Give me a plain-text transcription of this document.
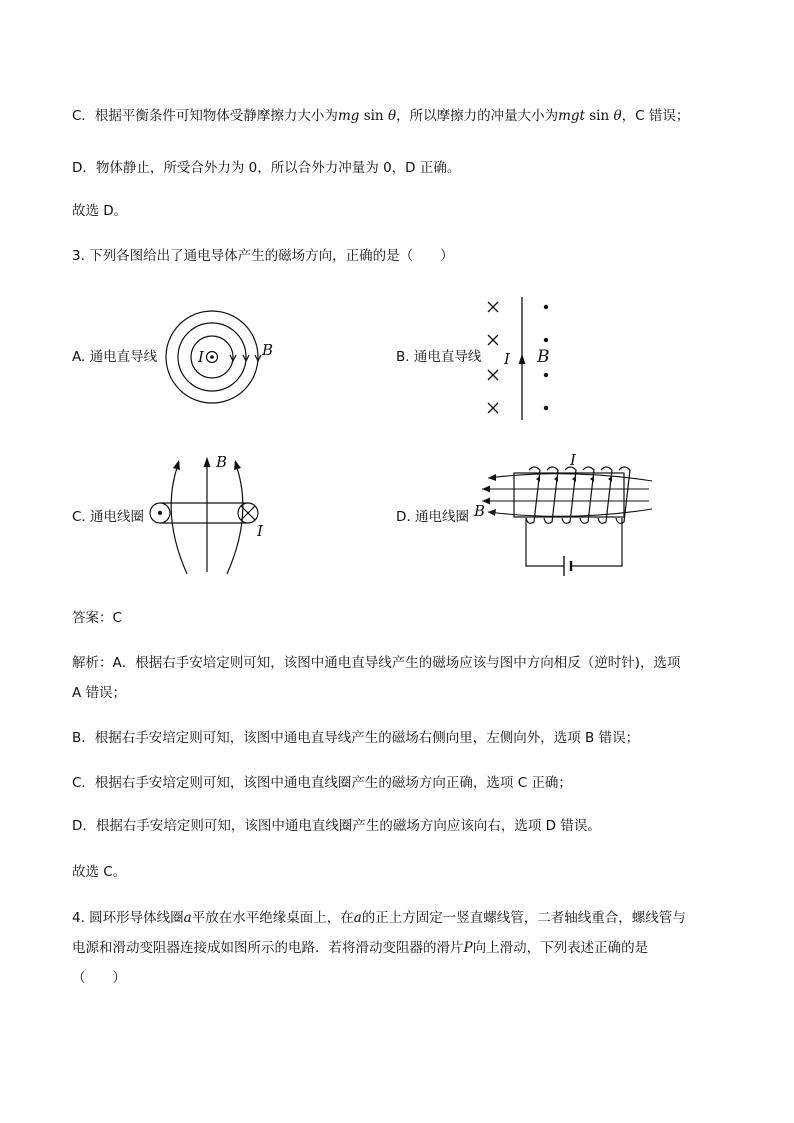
C．根据平衡条件可知物体受静摩擦力大小为mg sin θ，所以摩擦力的冲量大小为mgt sin θ，C 错误；
D．物体静止，所受合外力为 0，所以合外力冲量为 0，D 正确。
故选 D。
3. 下列各图给出了通电导体产生的磁场方向，正确的是（　　）
A. 通电直导线	I	B	B. 通电直导线 I B
C. 通电线圈
B
I
D. 通电线圈
I
B
答案：C
解析：A．根据右手安培定则可知，该图中通电直导线产生的磁场应该与图中方向相反（逆时针)，选项
A 错误；
B．根据右手安培定则可知，该图中通电直导线产生的磁场右侧向里，左侧向外，选项 B 错误；
C．根据右手安培定则可知，该图中通电直线圈产生的磁场方向正确，选项 C 正确；
D．根据右手安培定则可知，该图中通电直线圈产生的磁场方向应该向右，选项 D 错误。
故选 C。
4. 圆环形导体线圈a平放在水平绝缘桌面上，在a的正上方固定一竖直螺线管，二者轴线重合，螺线管与
电源和滑动变阻器连接成如图所示的电路．若将滑动变阻器的滑片P向上滑动，下列表述正确的是
（　　）
